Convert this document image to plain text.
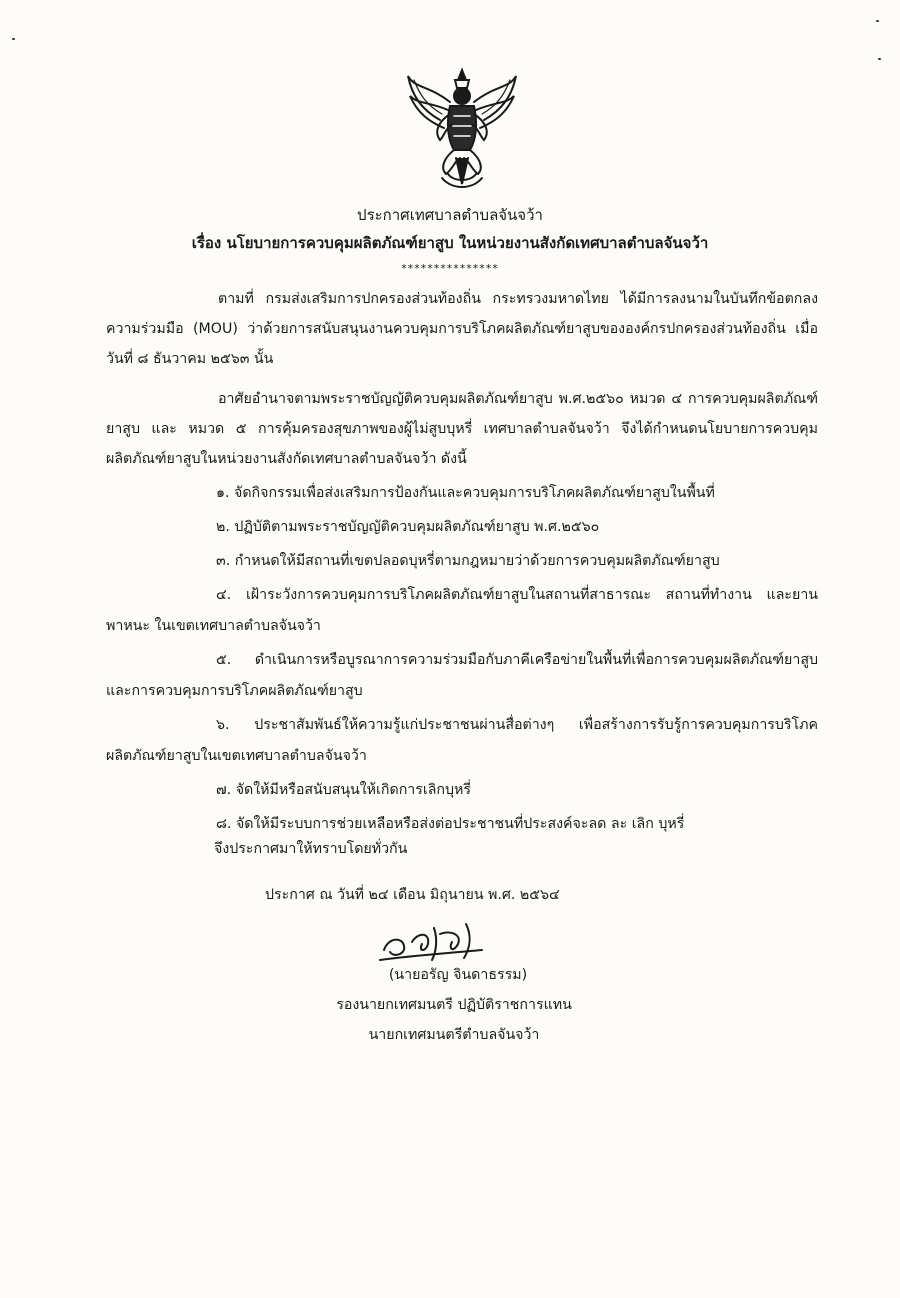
ประกาศเทศบาลตำบลจันจว้า
เรื่อง นโยบายการควบคุมผลิตภัณฑ์ยาสูบ ในหน่วยงานสังกัดเทศบาลตำบลจันจว้า
***************

ตามที่ กรมส่งเสริมการปกครองส่วนท้องถิ่น กระทรวงมหาดไทย ได้มีการลงนามในบันทึกข้อตกลงความร่วมมือ (MOU) ว่าด้วยการสนับสนุนงานควบคุมการบริโภคผลิตภัณฑ์ยาสูบขององค์กรปกครองส่วนท้องถิ่น เมื่อวันที่ ๘ ธันวาคม ๒๕๖๓ นั้น

อาศัยอำนาจตามพระราชบัญญัติควบคุมผลิตภัณฑ์ยาสูบ พ.ศ.๒๕๖๐ หมวด ๔ การควบคุมผลิตภัณฑ์ยาสูบ และ หมวด ๕ การคุ้มครองสุขภาพของผู้ไม่สูบบุหรี่ เทศบาลตำบลจันจว้า จึงได้กำหนดนโยบายการควบคุมผลิตภัณฑ์ยาสูบในหน่วยงานสังกัดเทศบาลตำบลจันจว้า ดังนี้

๑. จัดกิจกรรมเพื่อส่งเสริมการป้องกันและควบคุมการบริโภคผลิตภัณฑ์ยาสูบในพื้นที่

๒. ปฏิบัติตามพระราชบัญญัติควบคุมผลิตภัณฑ์ยาสูบ พ.ศ.๒๕๖๐

๓. กำหนดให้มีสถานที่เขตปลอดบุหรี่ตามกฎหมายว่าด้วยการควบคุมผลิตภัณฑ์ยาสูบ

๔. เฝ้าระวังการควบคุมการบริโภคผลิตภัณฑ์ยาสูบในสถานที่สาธารณะ สถานที่ทำงาน และยานพาหนะ ในเขตเทศบาลตำบลจันจว้า

๕. ดำเนินการหรือบูรณาการความร่วมมือกับภาคีเครือข่ายในพื้นที่เพื่อการควบคุมผลิตภัณฑ์ยาสูบและการควบคุมการบริโภคผลิตภัณฑ์ยาสูบ

๖. ประชาสัมพันธ์ให้ความรู้แก่ประชาชนผ่านสื่อต่างๆ เพื่อสร้างการรับรู้การควบคุมการบริโภคผลิตภัณฑ์ยาสูบในเขตเทศบาลตำบลจันจว้า

๗. จัดให้มีหรือสนับสนุนให้เกิดการเลิกบุหรี่

๘. จัดให้มีระบบการช่วยเหลือหรือส่งต่อประชาชนที่ประสงค์จะลด ละ เลิก บุหรี่

จึงประกาศมาให้ทราบโดยทั่วกัน
ประกาศ ณ วันที่ ๒๔ เดือน มิถุนายน พ.ศ. ๒๕๖๔
(นายอรัญ จินดาธรรม)
รองนายกเทศมนตรี ปฏิบัติราชการแทน
นายกเทศมนตรีตำบลจันจว้า
